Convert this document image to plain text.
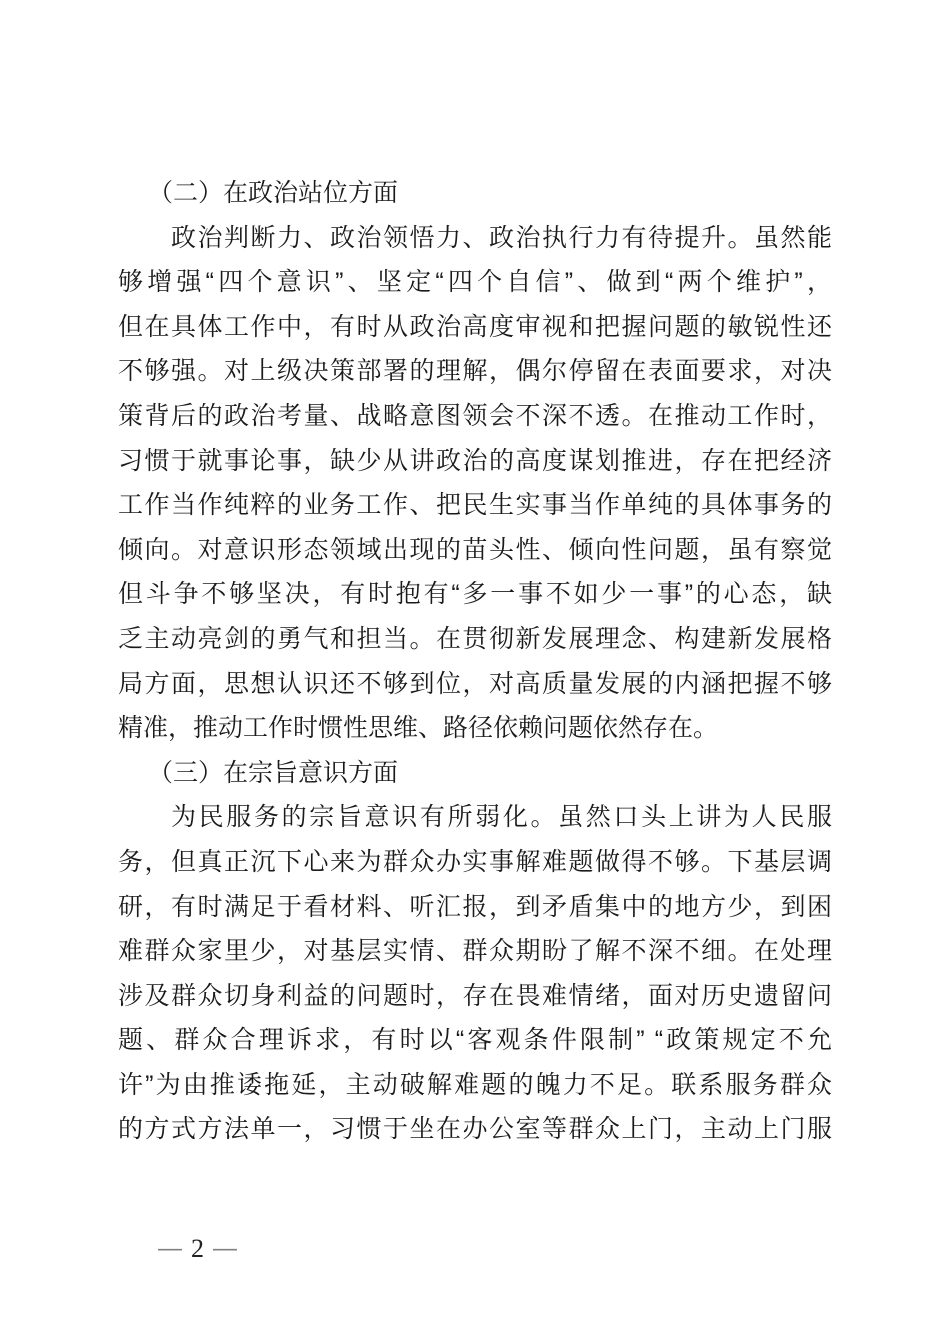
（二）在政治站位方面
政治判断力、政治领悟力、政治执行力有待提升。虽然能
够增强“四个意识”、坚定“四个自信”、做到“两个维护”，
但在具体工作中，有时从政治高度审视和把握问题的敏锐性还
不够强。对上级决策部署的理解，偶尔停留在表面要求，对决
策背后的政治考量、战略意图领会不深不透。在推动工作时，
习惯于就事论事，缺少从讲政治的高度谋划推进，存在把经济
工作当作纯粹的业务工作、把民生实事当作单纯的具体事务的
倾向。对意识形态领域出现的苗头性、倾向性问题，虽有察觉
但斗争不够坚决，有时抱有“多一事不如少一事”的心态，缺
乏主动亮剑的勇气和担当。在贯彻新发展理念、构建新发展格
局方面，思想认识还不够到位，对高质量发展的内涵把握不够
精准，推动工作时惯性思维、路径依赖问题依然存在。
（三）在宗旨意识方面
为民服务的宗旨意识有所弱化。虽然口头上讲为人民服
务，但真正沉下心来为群众办实事解难题做得不够。下基层调
研，有时满足于看材料、听汇报，到矛盾集中的地方少，到困
难群众家里少，对基层实情、群众期盼了解不深不细。在处理
涉及群众切身利益的问题时，存在畏难情绪，面对历史遗留问
题、群众合理诉求，有时以“客观条件限制” “政策规定不允
许”为由推诿拖延，主动破解难题的魄力不足。联系服务群众
的方式方法单一，习惯于坐在办公室等群众上门，主动上门服
— 2 —
